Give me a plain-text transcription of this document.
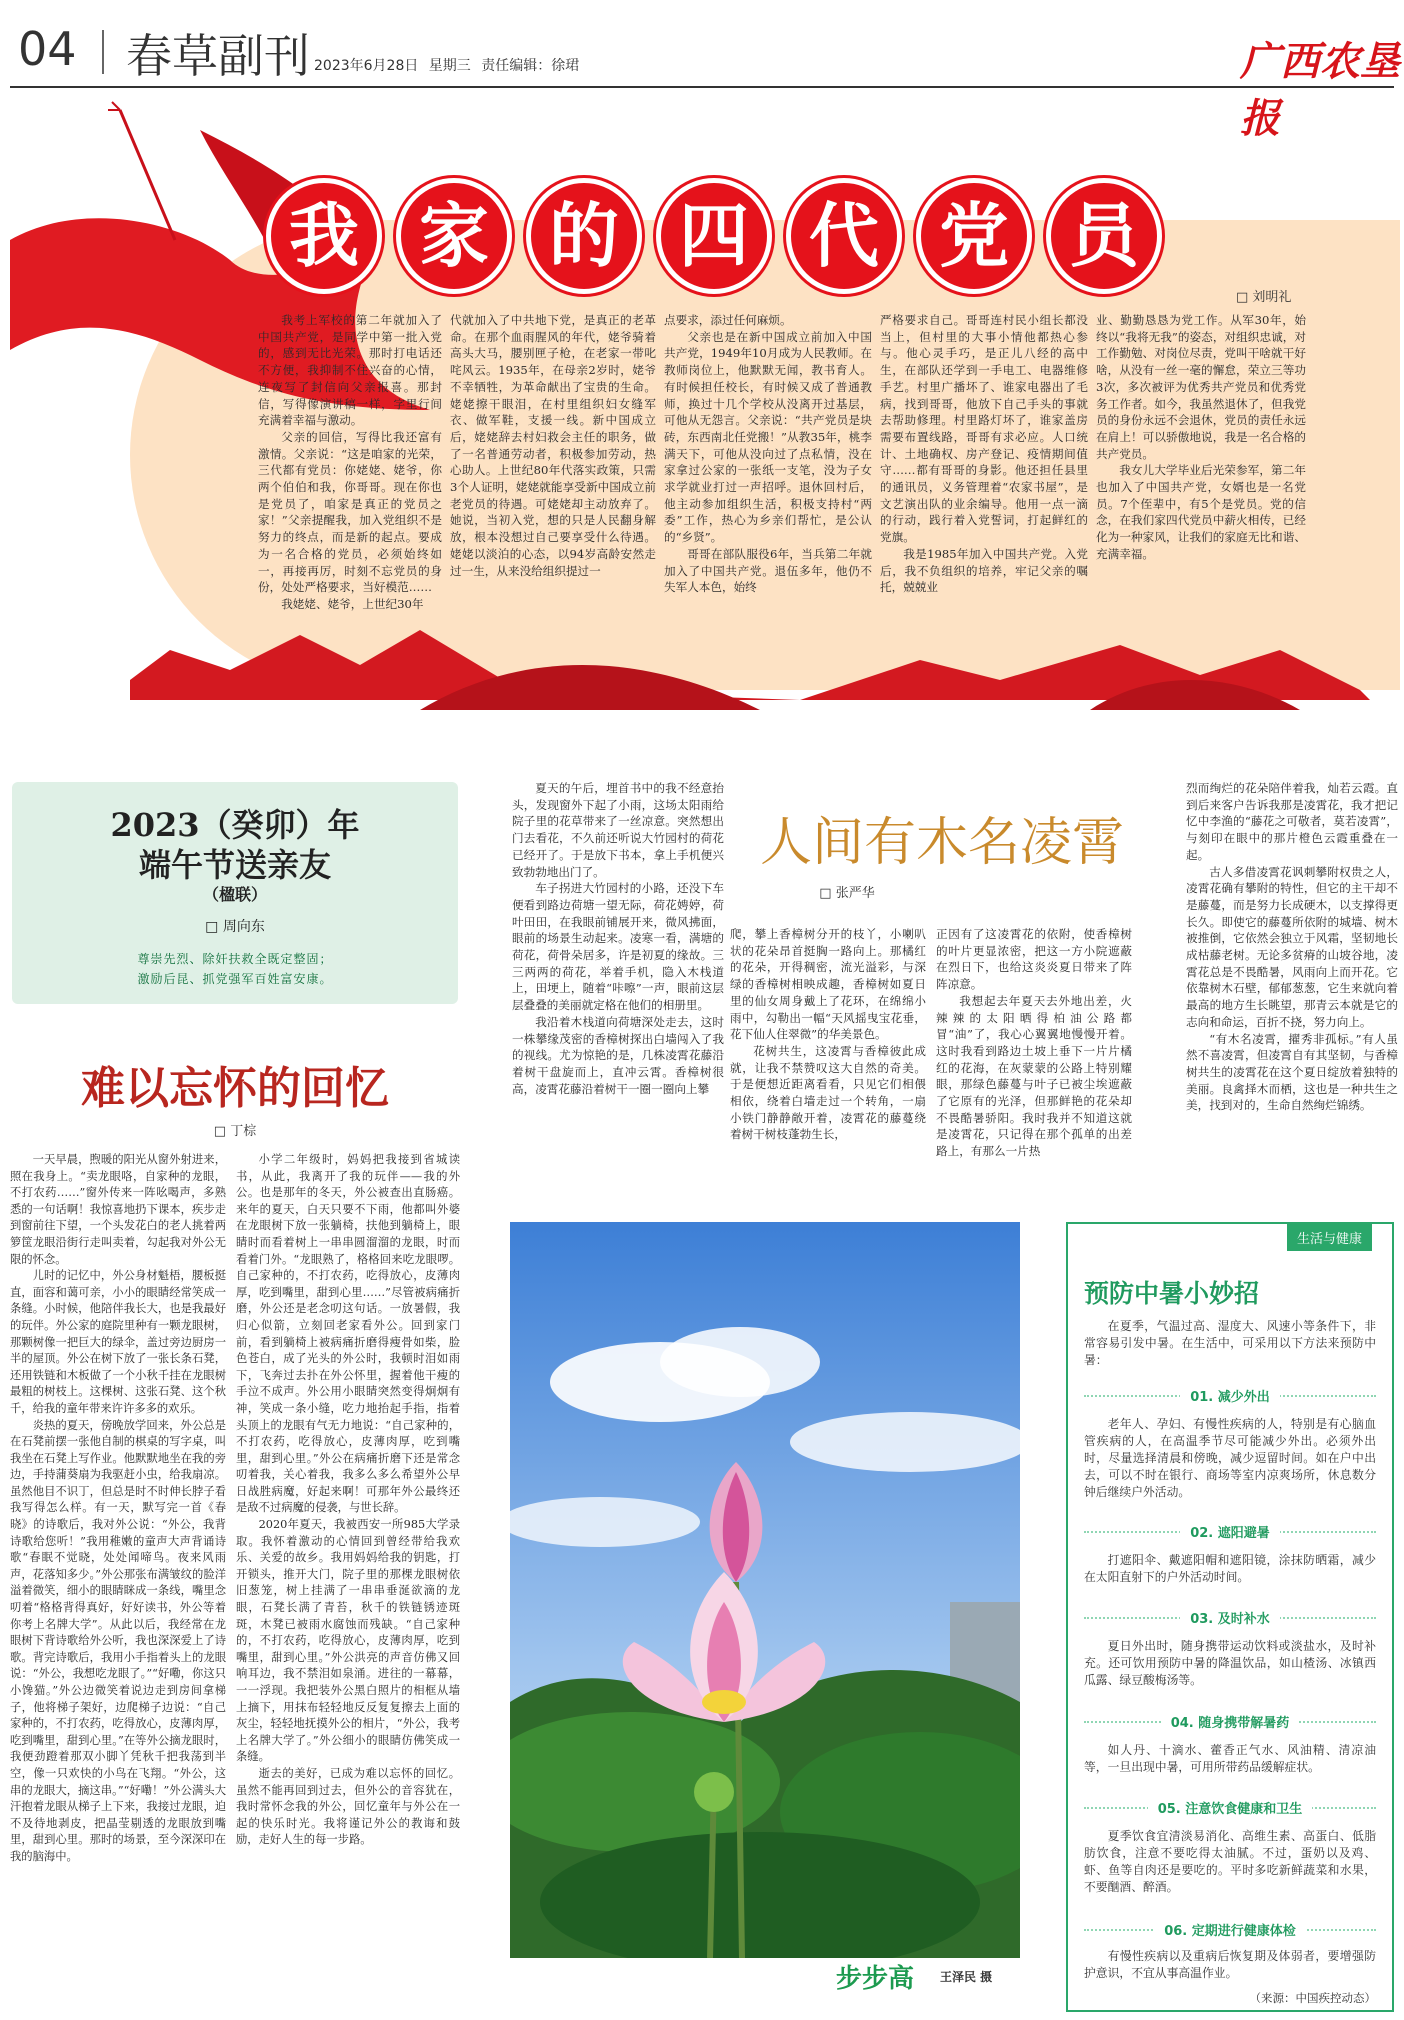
04 春草副刊 2023年6月28日 星期三 责任编辑：徐珺	广西农垦报
我 家 的 四 代 党 员
□ 刘明礼

我考上军校的第二年就加入了中国共产党，是同学中第一批入党的，感到无比光荣。那时打电话还不方便，我抑制不住兴奋的心情，连夜写了封信向父亲报喜。那封信，写得像演讲稿一样，字里行间充满着幸福与激动。

父亲的回信，写得比我还富有激情。父亲说：“这是咱家的光荣，三代都有党员：你姥姥、姥爷，你两个伯伯和我，你哥哥。现在你也是党员了，咱家是真正的党员之家！”父亲提醒我，加入党组织不是努力的终点，而是新的起点。要成为一名合格的党员，必须始终如一，再接再厉，时刻不忘党员的身份，处处严格要求，当好模范……

我姥姥、姥爷，上世纪30年

代就加入了中共地下党，是真正的老革命。在那个血雨腥风的年代，姥爷骑着高头大马，腰别匣子枪，在老家一带叱咤风云。1935年，在母亲2岁时，姥爷不幸牺牲，为革命献出了宝贵的生命。姥姥擦干眼泪，在村里组织妇女缝军衣、做军鞋，支援一线。新中国成立后，姥姥辞去村妇救会主任的职务，做了一名普通劳动者，积极参加劳动，热心助人。上世纪80年代落实政策，只需3个人证明，姥姥就能享受新中国成立前老党员的待遇。可姥姥却主动放弃了。她说，当初入党，想的只是人民翻身解放，根本没想过自己要享受什么待遇。姥姥以淡泊的心态，以94岁高龄安然走过一生，从来没给组织提过一

点要求，添过任何麻烦。

父亲也是在新中国成立前加入中国共产党，1949年10月成为人民教师。在教师岗位上，他默默无闻，教书育人。有时候担任校长，有时候又成了普通教师，换过十几个学校从没离开过基层，可他从无怨言。父亲说：“共产党员是块砖，东西南北任党搬！”从教35年，桃李满天下，可他从没向过了点私情，没在家拿过公家的一张纸一支笔，没为子女求学就业打过一声招呼。退休回村后，他主动参加组织生活，积极支持村“两委”工作，热心为乡亲们帮忙，是公认的“乡贤”。

哥哥在部队服役6年，当兵第二年就加入了中国共产党。退伍多年，他仍不失军人本色，始终

严格要求自己。哥哥连村民小组长都没当上，但村里的大事小情他都热心参与。他心灵手巧，是正儿八经的高中生，在部队还学到一手电工、电器维修手艺。村里广播坏了、谁家电器出了毛病，找到哥哥，他放下自己手头的事就去帮助修理。村里路灯坏了，谁家盖房需要布置线路，哥哥有求必应。人口统计、土地确权、房产登记、疫情期间值守……都有哥哥的身影。他还担任县里的通讯员，义务管理着“农家书屋”，是文艺演出队的业余编导。他用一点一滴的行动，践行着入党誓词，打起鲜红的党旗。

我是1985年加入中国共产党。入党后，我不负组织的培养，牢记父亲的嘱托，兢兢业

业、勤勤恳恳为党工作。从军30年，始终以“我将无我”的姿态，对组织忠诚，对工作勤勉、对岗位尽责，党叫干啥就干好啥，从没有一丝一毫的懈怠，荣立三等功3次，多次被评为优秀共产党员和优秀党务工作者。如今，我虽然退休了，但我党员的身份永远不会退休，党员的责任永远在肩上！可以骄傲地说，我是一名合格的共产党员。

我女儿大学毕业后光荣参军，第二年也加入了中国共产党，女婿也是一名党员。7个侄辈中，有5个是党员。党的信念，在我们家四代党员中薪火相传，已经化为一种家风，让我们的家庭无比和谐、充满幸福。

2023（癸卯）年
端午节送亲友
（楹联）
□ 周向东
尊崇先烈、除奸扶救全既定整固；
激励后昆、抓党强军百姓富安康。
难以忘怀的回忆
□ 丁棕

一天早晨，煦暖的阳光从窗外射进来，照在我身上。“卖龙眼咯，自家种的龙眼，不打农药……”窗外传来一阵吆喝声，多熟悉的一句话啊！我惊喜地扔下课本，疾步走到窗前往下望，一个头发花白的老人挑着两箩筐龙眼沿街行走叫卖着，勾起我对外公无限的怀念。

儿时的记忆中，外公身材魁梧，腰板挺直，面容和蔼可亲，小小的眼睛经常笑成一条缝。小时候，他陪伴我长大，也是我最好的玩伴。外公家的庭院里种有一颗龙眼树，那颗树像一把巨大的绿伞，盖过旁边厨房一半的屋顶。外公在树下放了一张长条石凳，还用铁链和木板做了一个小秋千挂在龙眼树最粗的树枝上。这棵树、这张石凳、这个秋千，给我的童年带来许许多多的欢乐。

炎热的夏天，傍晚放学回来，外公总是在石凳前摆一张他自制的棋桌的写字桌，叫我坐在石凳上写作业。他默默地坐在我的旁边，手持蒲葵扇为我驱赶小虫，给我扇凉。虽然他目不识丁，但总是时不时伸长脖子看我写得怎么样。有一天，默写完一首《春晓》的诗歌后，我对外公说：“外公，我背诗歌给您听！”我用稚嫩的童声大声背诵诗歌“春眠不觉晓，处处闻啼鸟。夜来风雨声，花落知多少。”外公那张布满皱纹的脸洋溢着微笑，细小的眼睛眯成一条线，嘴里念叨着“格格背得真好，好好读书，外公等着你考上名牌大学”。从此以后，我经常在龙眼树下背诗歌给外公听，我也深深爱上了诗歌。背完诗歌后，我用小手指着头上的龙眼说：“外公，我想吃龙眼了。”“好嘞，你这只小馋猫。”外公边微笑着说边走到房间拿梯子，他将梯子架好，边爬梯子边说：“自己家种的，不打农药，吃得放心，皮薄肉厚，吃到嘴里，甜到心里。”在等外公摘龙眼时，我便劲蹬着那双小脚丫凭秋千把我荡到半空，像一只欢快的小鸟在飞翔。“外公，这串的龙眼大，摘这串。”“好嘞！”外公满头大汗抱着龙眼从梯子上下来，我接过龙眼，迫不及待地剥皮，把晶莹剔透的龙眼放到嘴里，甜到心里。那时的场景，至今深深印在我的脑海中。

小学二年级时，妈妈把我接到省城读书，从此，我离开了我的玩伴——我的外公。也是那年的冬天，外公被查出直肠癌。来年的夏天，白天只要不下雨，他都叫外婆在龙眼树下放一张躺椅，扶他到躺椅上，眼睛时而看着树上一串串圆溜溜的龙眼，时而看着门外。“龙眼熟了，格格回来吃龙眼啰。自己家种的，不打农药，吃得放心，皮薄肉厚，吃到嘴里，甜到心里……”尽管被病痛折磨，外公还是老念叨这句话。一放暑假，我归心似箭，立刻回老家看外公。回到家门前，看到躺椅上被病痛折磨得瘦骨如柴，脸色苍白，成了光头的外公时，我顿时泪如雨下，飞奔过去扑在外公怀里，握着他干瘦的手泣不成声。外公用小眼睛突然变得炯炯有神，笑成一条小缝，吃力地抬起手指，指着头顶上的龙眼有气无力地说：“自己家种的，不打农药，吃得放心，皮薄肉厚，吃到嘴里，甜到心里。”外公在病痛折磨下还是常念叨着我，关心着我，我多么多么希望外公早日战胜病魔，好起来啊！可那年外公最终还是敌不过病魔的侵袭，与世长辞。

2020年夏天，我被西安一所985大学录取。我怀着激动的心情回到曾经带给我欢乐、关爱的故乡。我用妈妈给我的钥匙，打开锁头，推开大门，院子里的那棵龙眼树依旧葱笼，树上挂满了一串串垂涎欲滴的龙眼，石凳长满了青苔，秋千的铁链锈迹斑斑，木凳已被雨水腐蚀而残缺。“自己家种的，不打农药，吃得放心，皮薄肉厚，吃到嘴里，甜到心里。”外公洪亮的声音仿佛又回响耳边，我不禁泪如泉涌。进往的一幕幕，一一浮现。我把装外公黑白照片的相框从墙上摘下，用抹布轻轻地反反复复擦去上面的灰尘，轻轻地抚摸外公的相片，“外公，我考上名牌大学了。”外公细小的眼睛仿佛笑成一条缝。

逝去的美好，已成为难以忘怀的回忆。虽然不能再回到过去，但外公的音容犹在，我时常怀念我的外公，回忆童年与外公在一起的快乐时光。我将谨记外公的教诲和鼓励，走好人生的每一步路。

夏天的午后，埋首书中的我不经意抬头，发现窗外下起了小雨，这场太阳雨给院子里的花草带来了一丝凉意。突然想出门去看花，不久前还听说大竹园村的荷花已经开了。于是放下书本，拿上手机便兴致勃勃地出门了。

车子拐进大竹园村的小路，还没下车便看到路边荷塘一望无际，荷花娉婷，荷叶田田，在我眼前铺展开来，微风拂面，眼前的场景生动起来。凌寒一看，满塘的荷花，荷骨朵居多，许是初夏的缘故。三三两两的荷花，举着手机，隐入木栈道上，田埂上，随着“咔嚓”一声，眼前这层层叠叠的美丽就定格在他们的相册里。

我沿着木栈道向荷塘深处走去，这时一株攀缘茂密的香樟树探出白墙闯入了我的视线。尤为惊艳的是，几株凌霄花藤沿着树干盘旋而上，直冲云霄。香樟树很高，凌霄花藤沿着树干一圈一圈向上攀

人间有木名凌霄
□ 张严华

爬，攀上香樟树分开的枝丫，小喇叭状的花朵昂首挺胸一路向上。那橘红的花朵，开得稠密，流光溢彩，与深绿的香樟树相映成趣，香樟树如夏日里的仙女周身戴上了花环，在绵绵小雨中，勾勒出一幅“天风摇曳宝花垂，花下仙人住翠微”的华美景色。

花树共生，这凌霄与香樟彼此成就，让我不禁赞叹这大自然的奇美。于是便想近距离看看，只见它们相偎相依，绕着白墙走过一个转角，一扇小铁门静静敞开着，凌霄花的藤蔓绕着树干树枝蓬勃生长，

正因有了这凌霄花的依附，使香樟树的叶片更显浓密，把这一方小院遮蔽在烈日下，也给这炎炎夏日带来了阵阵凉意。

我想起去年夏天去外地出差，火辣辣的太阳晒得柏油公路都冒“油”了，我心心翼翼地慢慢开着。这时我看到路边土坡上垂下一片片橘红的花海，在灰蒙蒙的公路上特别耀眼，那绿色藤蔓与叶子已被尘埃遮蔽了它原有的光泽，但那鲜艳的花朵却不畏酷暑骄阳。我时我并不知道这就是凌霄花，只记得在那个孤单的出差路上，有那么一片热

烈而绚烂的花朵陪伴着我，灿若云霞。直到后来客户告诉我那是凌霄花，我才把记忆中李渔的“藤花之可敬者，莫若凌霄”，与刻印在眼中的那片橙色云霞重叠在一起。

古人多借凌霄花讽刺攀附权贵之人，凌霄花确有攀附的特性，但它的主干却不是藤蔓，而是努力长成硬木，以支撑得更长久。即使它的藤蔓所依附的城墙、树木被推倒，它依然会独立于风霜，坚韧地长成枯藤老树。无论多贫瘠的山坡谷地，凌霄花总是不畏酷暑，风雨向上而开花。它依靠树木石壁，郁郁葱葱，它生来就向着最高的地方生长眺望，那青云本就是它的志向和命运，百折不挠，努力向上。

“有木名凌霄，擢秀非孤标。”有人虽然不喜凌霄，但凌霄自有其坚韧，与香樟树共生的凌霄花在这个夏日绽放着独特的美丽。良禽择木而栖，这也是一种共生之美，找到对的，生命自然绚烂锦绣。

步步高 王泽民 摄
生活与健康
预防中暑小妙招

在夏季，气温过高、湿度大、风速小等条件下，非常容易引发中暑。在生活中，可采用以下方法来预防中暑：

01. 减少外出

老年人、孕妇、有慢性疾病的人，特别是有心脑血管疾病的人，在高温季节尽可能减少外出。必须外出时，尽量选择清晨和傍晚，减少逗留时间。如在户中出去，可以不时在银行、商场等室内凉爽场所，休息数分钟后继续户外活动。

02. 遮阳避暑

打遮阳伞、戴遮阳帽和遮阳镜，涂抹防晒霜，减少在太阳直射下的户外活动时间。

03. 及时补水

夏日外出时，随身携带运动饮料或淡盐水，及时补充。还可饮用预防中暑的降温饮品，如山楂汤、冰镇西瓜露、绿豆酸梅汤等。

04. 随身携带解暑药

如人丹、十滴水、藿香正气水、风油精、清凉油等，一旦出现中暑，可用所带药品缓解症状。

05. 注意饮食健康和卫生

夏季饮食宜清淡易消化、高维生素、高蛋白、低脂肪饮食，注意不要吃得太油腻。不过，蛋奶以及鸡、虾、鱼等自肉还是要吃的。平时多吃新鲜蔬菜和水果，不要酗酒、醉酒。

06. 定期进行健康体检

有慢性疾病以及重病后恢复期及体弱者，要增强防护意识，不宜从事高温作业。

（来源：中国疾控动态）
